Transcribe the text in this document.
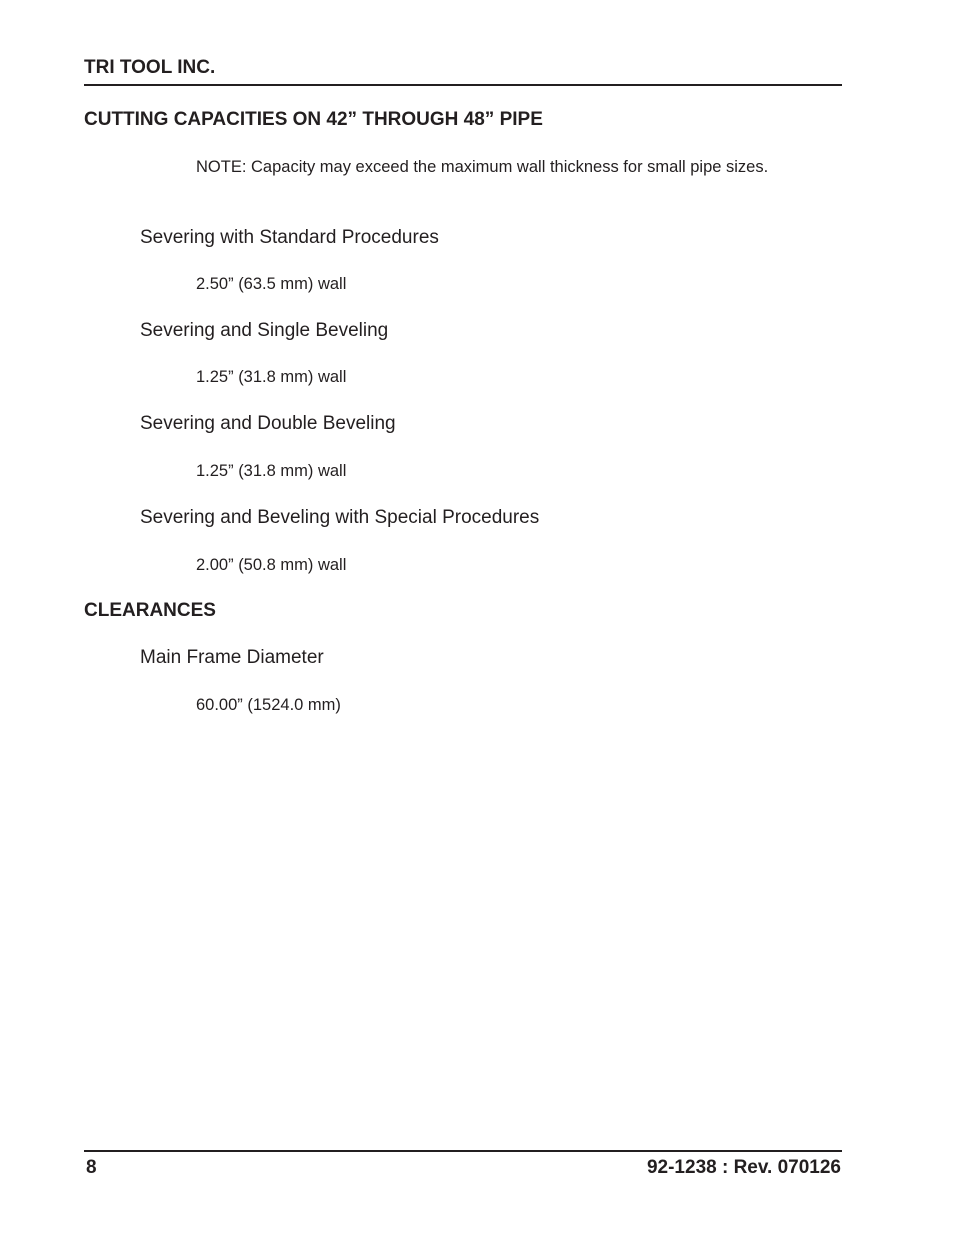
TRI TOOL INC.
CUTTING CAPACITIES ON 42” THROUGH 48” PIPE
NOTE: Capacity may exceed the maximum wall thickness for small pipe sizes.
Severing with Standard Procedures
2.50” (63.5 mm) wall
Severing and Single Beveling
1.25” (31.8 mm) wall
Severing and Double Beveling
1.25” (31.8 mm) wall
Severing and Beveling with Special Procedures
2.00” (50.8 mm) wall
CLEARANCES
Main Frame Diameter
60.00” (1524.0 mm)
8	92-1238 : Rev. 070126
